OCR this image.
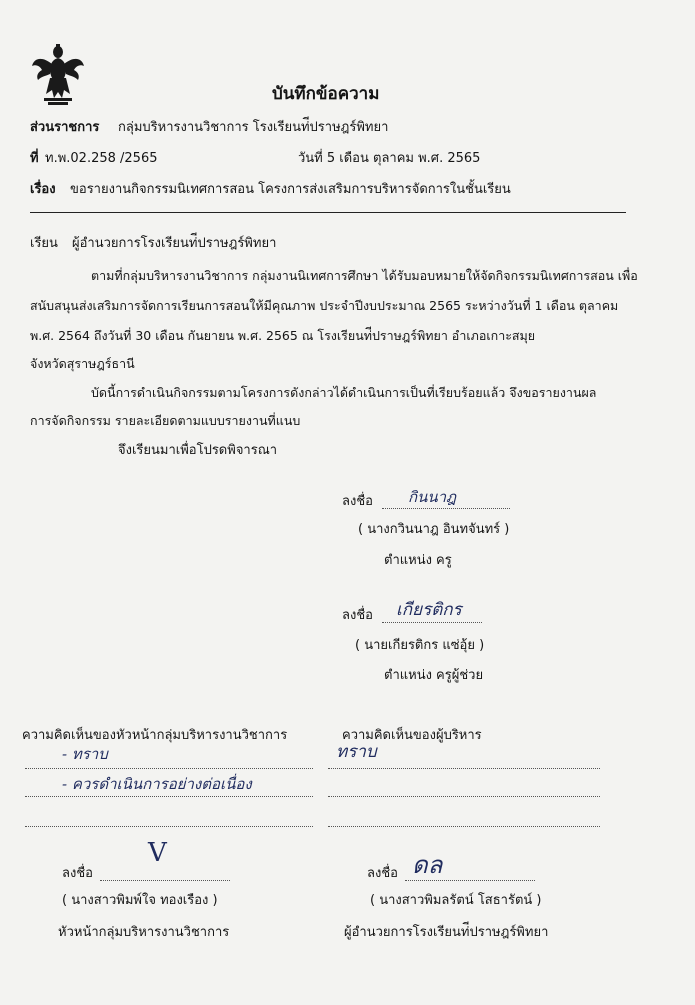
บันทึกข้อความ
ส่วนราชการ กลุ่มบริหารงานวิชาการ โรงเรียนท่ีปราษฎร์พิทยา
ที่ ท.พ.02.258 /2565	วันที่ 5 เดือน ตุลาคม พ.ศ. 2565
เรื่อง ขอรายงานกิจกรรมนิเทศการสอน โครงการส่งเสริมการบริหารจัดการในชั้นเรียน
เรียน ผู้อำนวยการโรงเรียนท่ีปราษฎร์พิทยา
ตามที่กลุ่มบริหารงานวิชาการ กลุ่มงานนิเทศการศึกษา ได้รับมอบหมายให้จัดกิจกรรมนิเทศการสอน เพื่อ
สนับสนุนส่งเสริมการจัดการเรียนการสอนให้มีคุณภาพ ประจำปีงบประมาณ 2565 ระหว่างวันที่ 1 เดือน ตุลาคม
พ.ศ. 2564 ถึงวันที่ 30 เดือน กันยายน พ.ศ. 2565 ณ โรงเรียนท่ีปราษฎร์พิทยา อำเภอเกาะสมุย
จังหวัดสุราษฎร์ธานี
บัดนี้การดำเนินกิจกรรมตามโครงการดังกล่าวได้ดำเนินการเป็นที่เรียบร้อยแล้ว จึงขอรายงานผล
การจัดกิจกรรม รายละเอียดตามแบบรายงานที่แนบ
จึงเรียนมาเพื่อโปรดพิจารณา
ลงชื่อ กินนาฎ
( นางกวินนาฎ อินทจันทร์ )
ตำแหน่ง ครู
ลงชื่อ เกียรติกร
( นายเกียรติกร แซ่อุ้ย )
ตำแหน่ง ครูผู้ช่วย
ความคิดเห็นของหัวหน้ากลุ่มบริหารงานวิชาการ	ความคิดเห็นของผู้บริหาร
- ทราบ
- ควรดำเนินการอย่างต่อเนื่อง
ทราบ
ลงชื่อ
V
ลงชื่อ ดล
( นางสาวพิมพ์ใจ ทองเรือง )
หัวหน้ากลุ่มบริหารงานวิชาการ
( นางสาวพิมลรัตน์ โสธารัตน์ )
ผู้อำนวยการโรงเรียนท่ีปราษฎร์พิทยา
